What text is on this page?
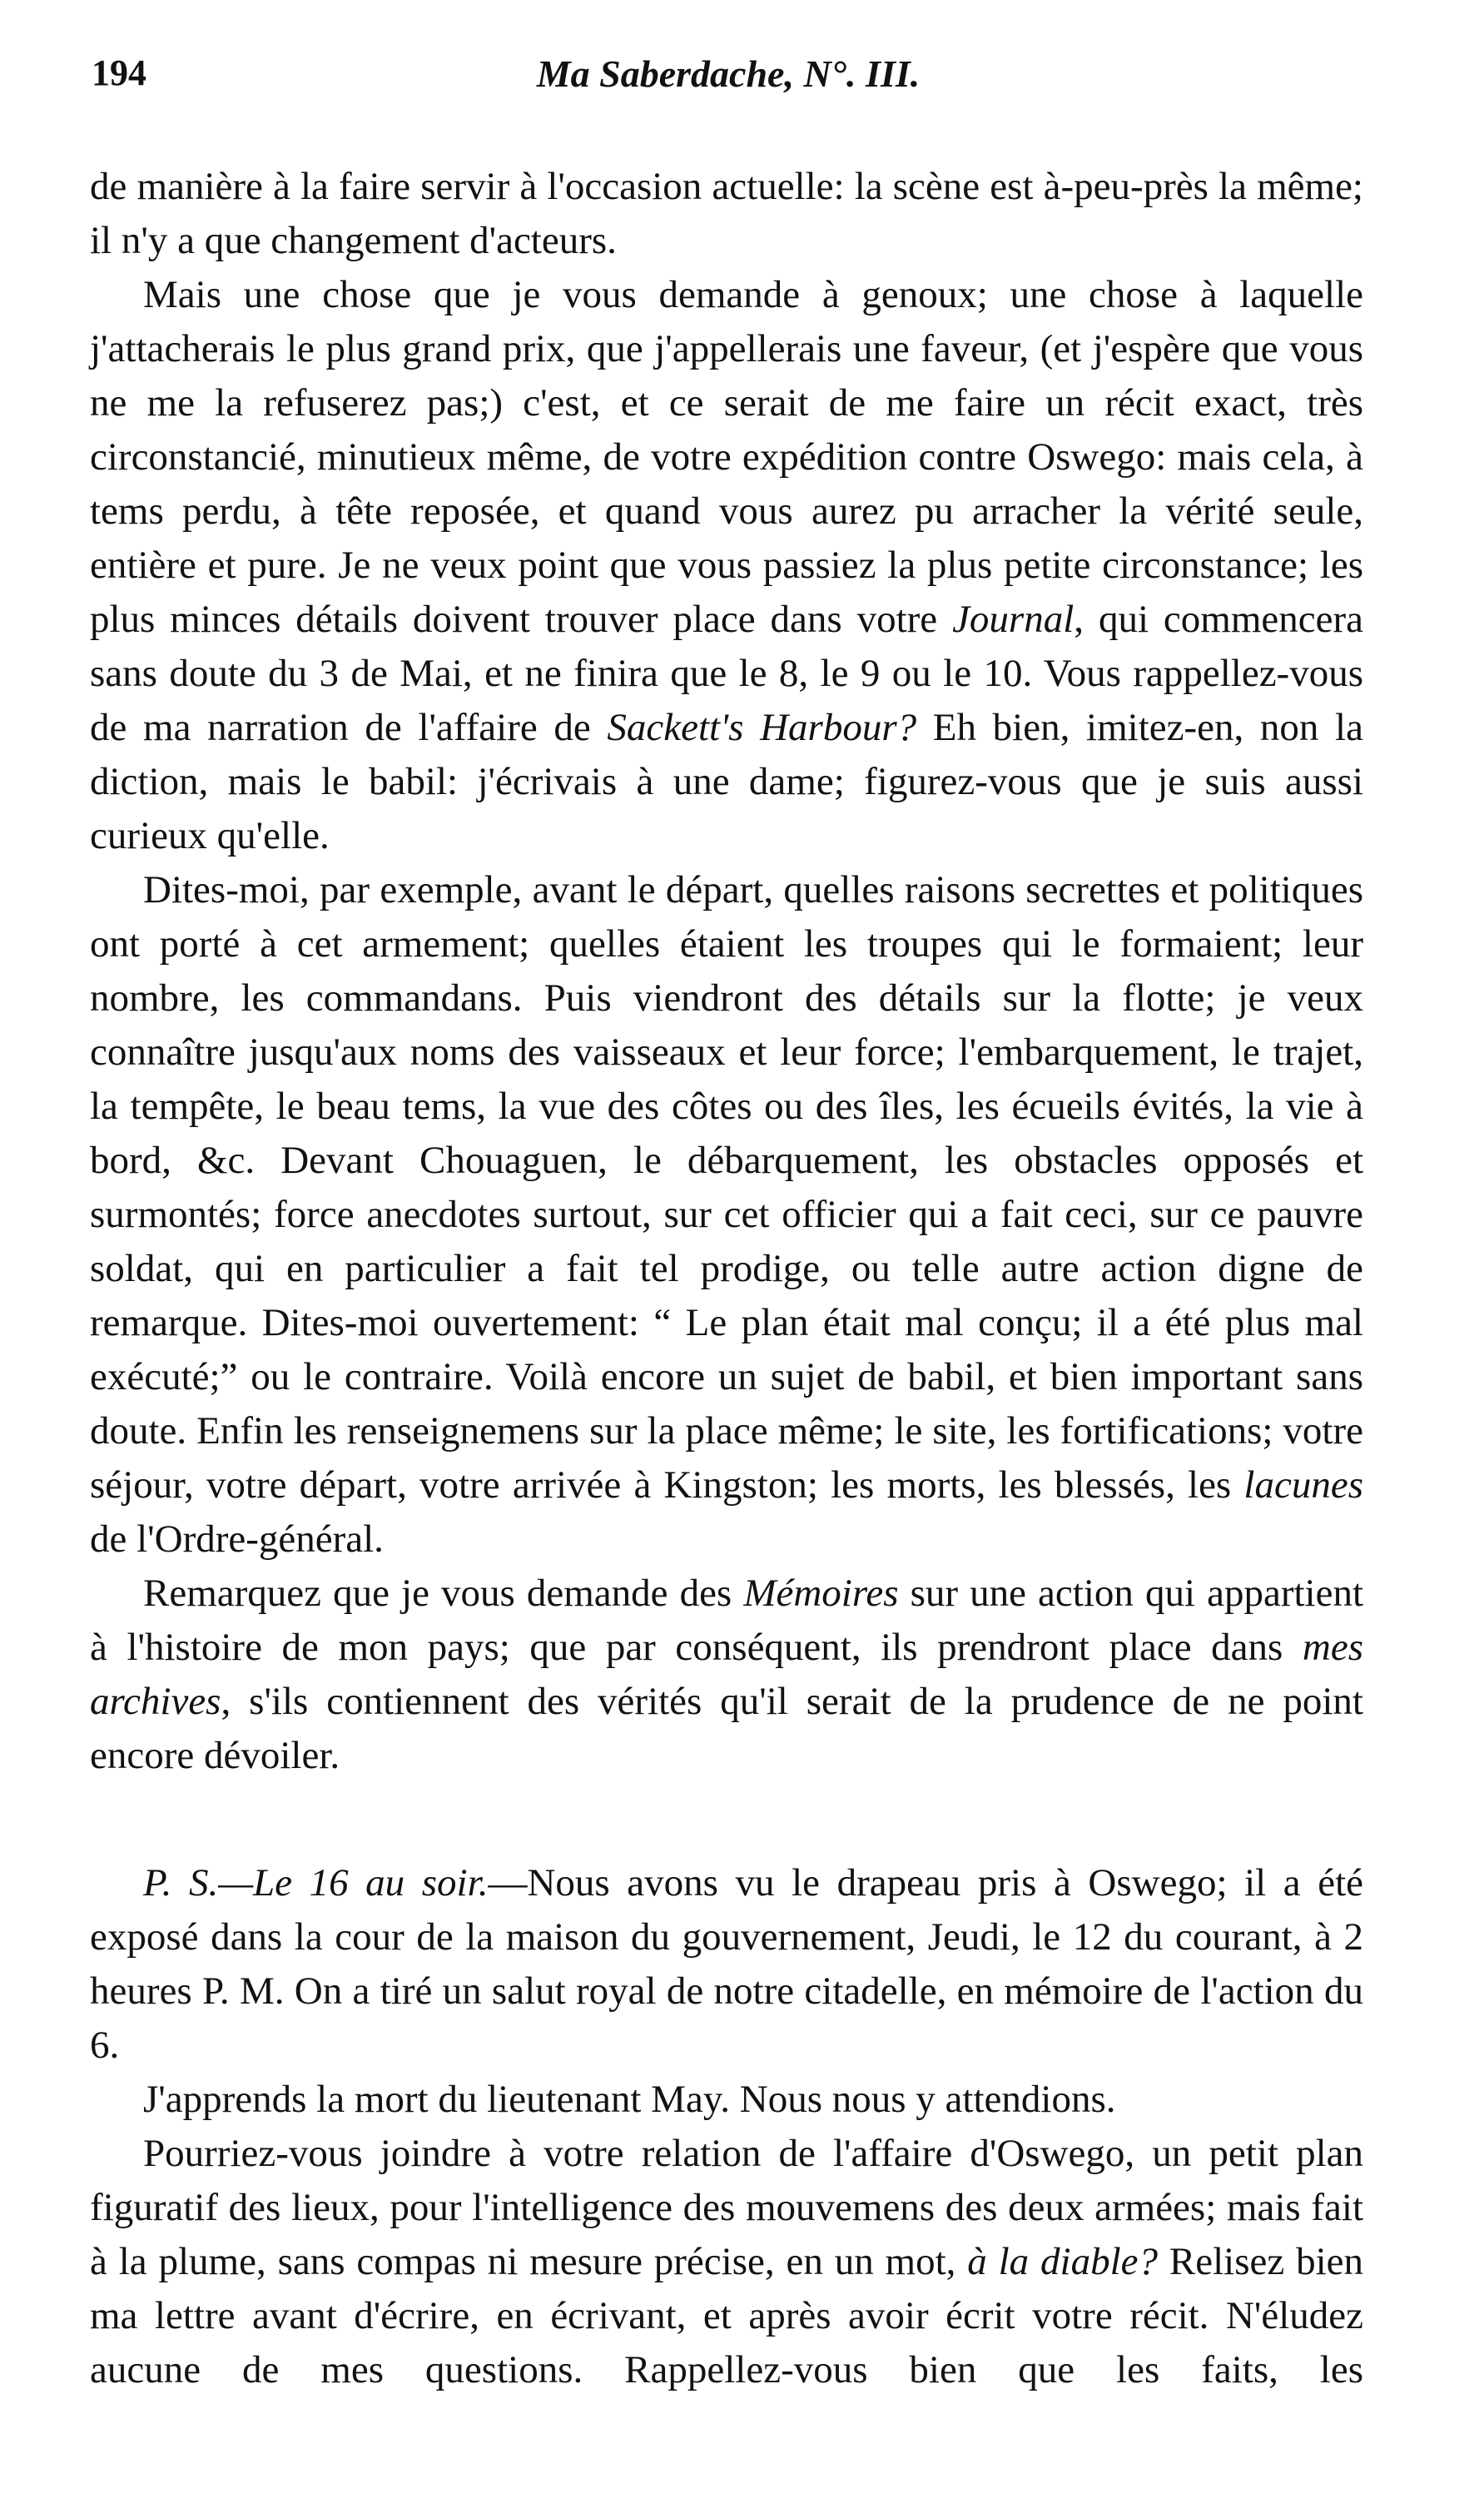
194	Ma Saberdache, N°. III.

de manière à la faire servir à l'occasion actuelle: la scène est à-peu-près la même; il n'y a que changement d'acteurs.

Mais une chose que je vous demande à genoux; une chose à laquelle j'attacherais le plus grand prix, que j'appellerais une faveur, (et j'espère que vous ne me la refuserez pas;) c'est, et ce serait de me faire un récit exact, très circonstancié, minutieux même, de votre expédition contre Oswego: mais cela, à tems perdu, à tête reposée, et quand vous aurez pu arracher la vérité seule, entière et pure. Je ne veux point que vous passiez la plus petite circonstance; les plus minces détails doivent trouver place dans votre Journal, qui commencera sans doute du 3 de Mai, et ne finira que le 8, le 9 ou le 10. Vous rappellez-vous de ma narration de l'affaire de Sackett's Harbour? Eh bien, imitez-en, non la diction, mais le babil: j'écrivais à une dame; figurez-vous que je suis aussi curieux qu'elle.

Dites-moi, par exemple, avant le départ, quelles raisons secrettes et politiques ont porté à cet armement; quelles étaient les troupes qui le formaient; leur nombre, les commandans. Puis viendront des détails sur la flotte; je veux connaître jusqu'aux noms des vaisseaux et leur force; l'embarquement, le trajet, la tempête, le beau tems, la vue des côtes ou des îles, les écueils évités, la vie à bord, &c. Devant Chouaguen, le débarquement, les obstacles opposés et surmontés; force anecdotes surtout, sur cet officier qui a fait ceci, sur ce pauvre soldat, qui en particulier a fait tel prodige, ou telle autre action digne de remarque. Dites-moi ouvertement: “ Le plan était mal conçu; il a été plus mal exécuté;” ou le contraire. Voilà encore un sujet de babil, et bien important sans doute. Enfin les renseignemens sur la place même; le site, les fortifications; votre séjour, votre départ, votre arrivée à Kingston; les morts, les blessés, les lacunes de l'Ordre-général.

Remarquez que je vous demande des Mémoires sur une action qui appartient à l'histoire de mon pays; que par conséquent, ils prendront place dans mes archives, s'ils contiennent des vérités qu'il serait de la prudence de ne point encore dévoiler.

P. S.—Le 16 au soir.—Nous avons vu le drapeau pris à Oswego; il a été exposé dans la cour de la maison du gouvernement, Jeudi, le 12 du courant, à 2 heures P. M. On a tiré un salut royal de notre citadelle, en mémoire de l'action du 6.

J'apprends la mort du lieutenant May. Nous nous y attendions.

Pourriez-vous joindre à votre relation de l'affaire d'Oswego, un petit plan figuratif des lieux, pour l'intelligence des mouvemens des deux armées; mais fait à la plume, sans compas ni mesure précise, en un mot, à la diable? Relisez bien ma lettre avant d'écrire, en écrivant, et après avoir écrit votre récit. N'éludez aucune de mes questions. Rappellez-vous bien que les faits, les
